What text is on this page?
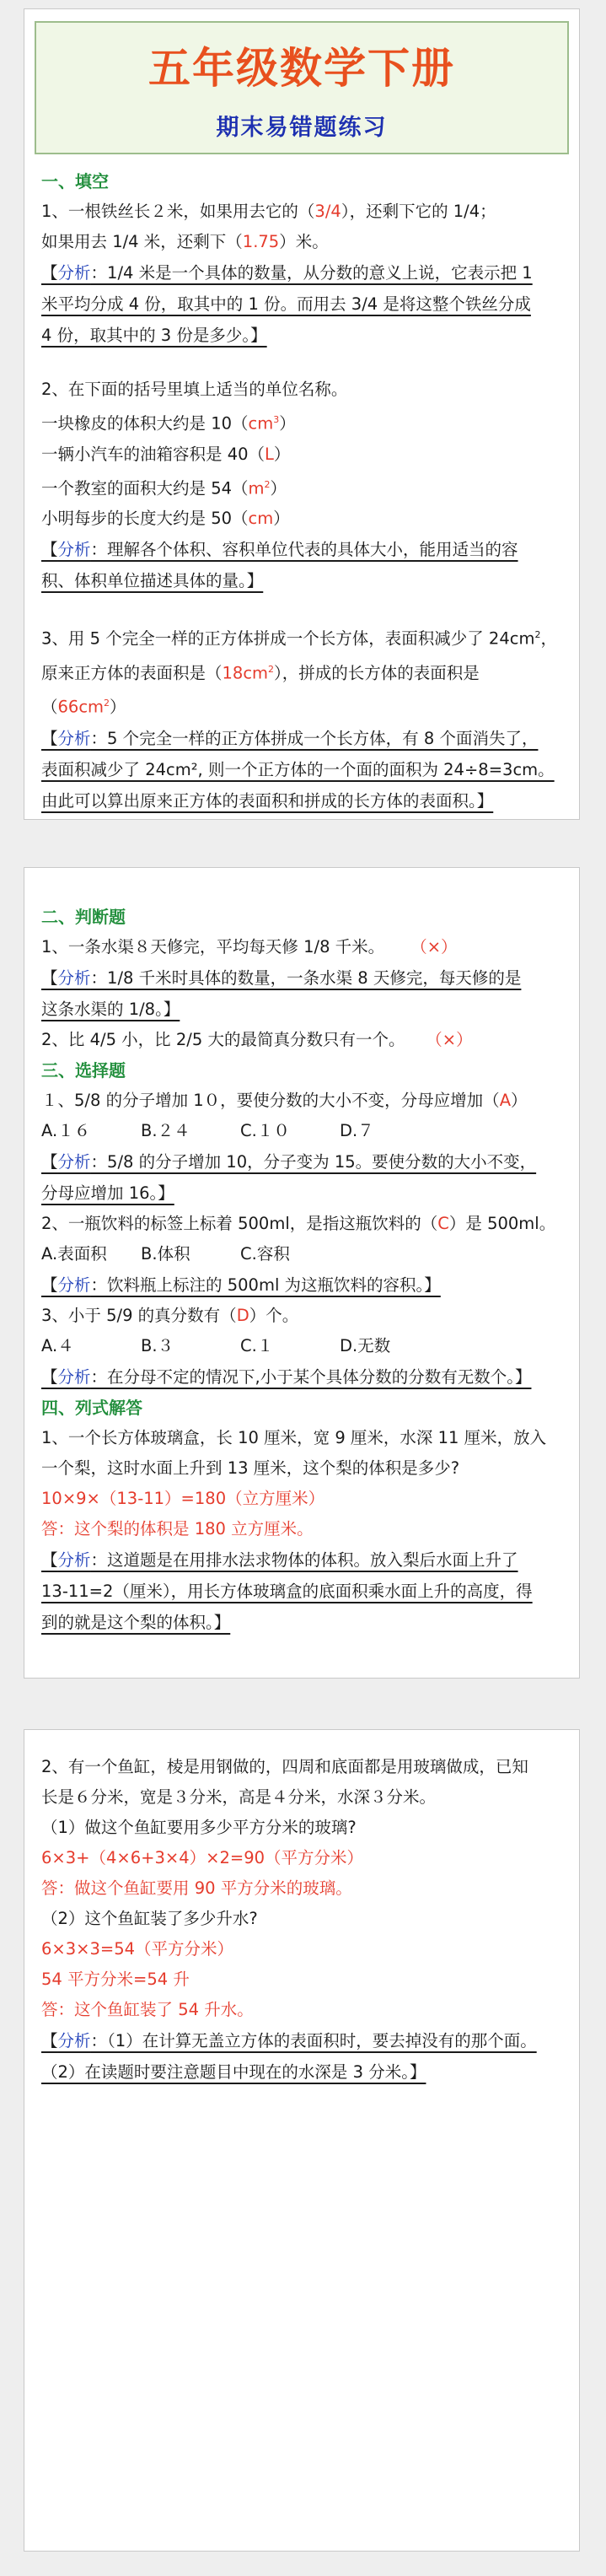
五年级数学下册
期末易错题练习
一、填空

1、一根铁丝长２米，如果用去它的（3/4），还剩下它的 1/4；

如果用去 1/4 米，还剩下（1.75）米。

【分析：1/4 米是一个具体的数量，从分数的意义上说，它表示把 1
米平均分成 4 份，取其中的 1 份。而用去 3/4 是将这整个铁丝分成
4 份，取其中的 3 份是多少。】

2、在下面的括号里填上适当的单位名称。

一块橡皮的体积大约是 $10(cm^3)$

一辆小汽车的油箱容积是 40（L）

一个教室的面积大约是 $54(m^2)$

小明每步的长度大约是 50（cm）

【分析：理解各个体积、容积单位代表的具体大小，能用适当的容
积、体积单位描述具体的量。】

3、用 5 个完全一样的正方体拼成一个长方体，表面积减少了 $24cm^2$，

原来正方体的表面积是$(18cm^2)$，拼成的长方体的表面积是$(66cm^2)$

【分析：5 个完全一样的正方体拼成一个长方体，有 8 个面消失了，
表面积减少了 24cm², 则一个正方体的一个面的面积为 24÷8=3cm。
由此可以算出原来正方体的表面积和拼成的长方体的表面积。】
二、判断题

1、一条水渠８天修完，平均每天修 1/8 千米。 （×）

【分析：1/8 千米时具体的数量，一条水渠 8 天修完，每天修的是
这条水渠的 1/8。】

2、比 4/5 小，比 2/5 大的最简真分数只有一个。 （×）

三、选择题

１、5/8 的分子增加 1０，要使分数的大小不变，分母应增加（A）

A.１６	B.２４	C.１０	D.７

【分析：5/8 的分子增加 10，分子变为 15。要使分数的大小不变，
分母应增加 16。】

2、一瓶饮料的标签上标着 500ml，是指这瓶饮料的（C）是 500ml。

A.表面积 B.体积	C.容积

【分析：饮料瓶上标注的 500ml 为这瓶饮料的容积。】

3、小于 5/9 的真分数有（D）个。

A.４	B.３	C.１	D.无数

【分析：在分母不定的情况下,小于某个具体分数的分数有无数个。】
四、列式解答

1、一个长方体玻璃盒，长 10 厘米，宽 9 厘米，水深 11 厘米，放入

一个梨，这时水面上升到 13 厘米，这个梨的体积是多少?

10×9×（13-11）=180（立方厘米）

答：这个梨的体积是 180 立方厘米。

【分析：这道题是在用排水法求物体的体积。放入梨后水面上升了
13-11=2（厘米），用长方体玻璃盒的底面积乘水面上升的高度，得
到的就是这个梨的体积。】

2、有一个鱼缸，棱是用钢做的，四周和底面都是用玻璃做成，已知

长是６分米，宽是３分米，高是４分米，水深３分米。

（1）做这个鱼缸要用多少平方分米的玻璃?

6×3+（4×6+3×4）×2=90（平方分米）

答：做这个鱼缸要用 90 平方分米的玻璃。

（2）这个鱼缸装了多少升水?

6×3×3=54（平方分米）

54 平方分米=54 升

答：这个鱼缸装了 54 升水。

【分析：（1）在计算无盖立方体的表面积时，要去掉没有的那个面。
（2）在读题时要注意题目中现在的水深是 3 分米。】
